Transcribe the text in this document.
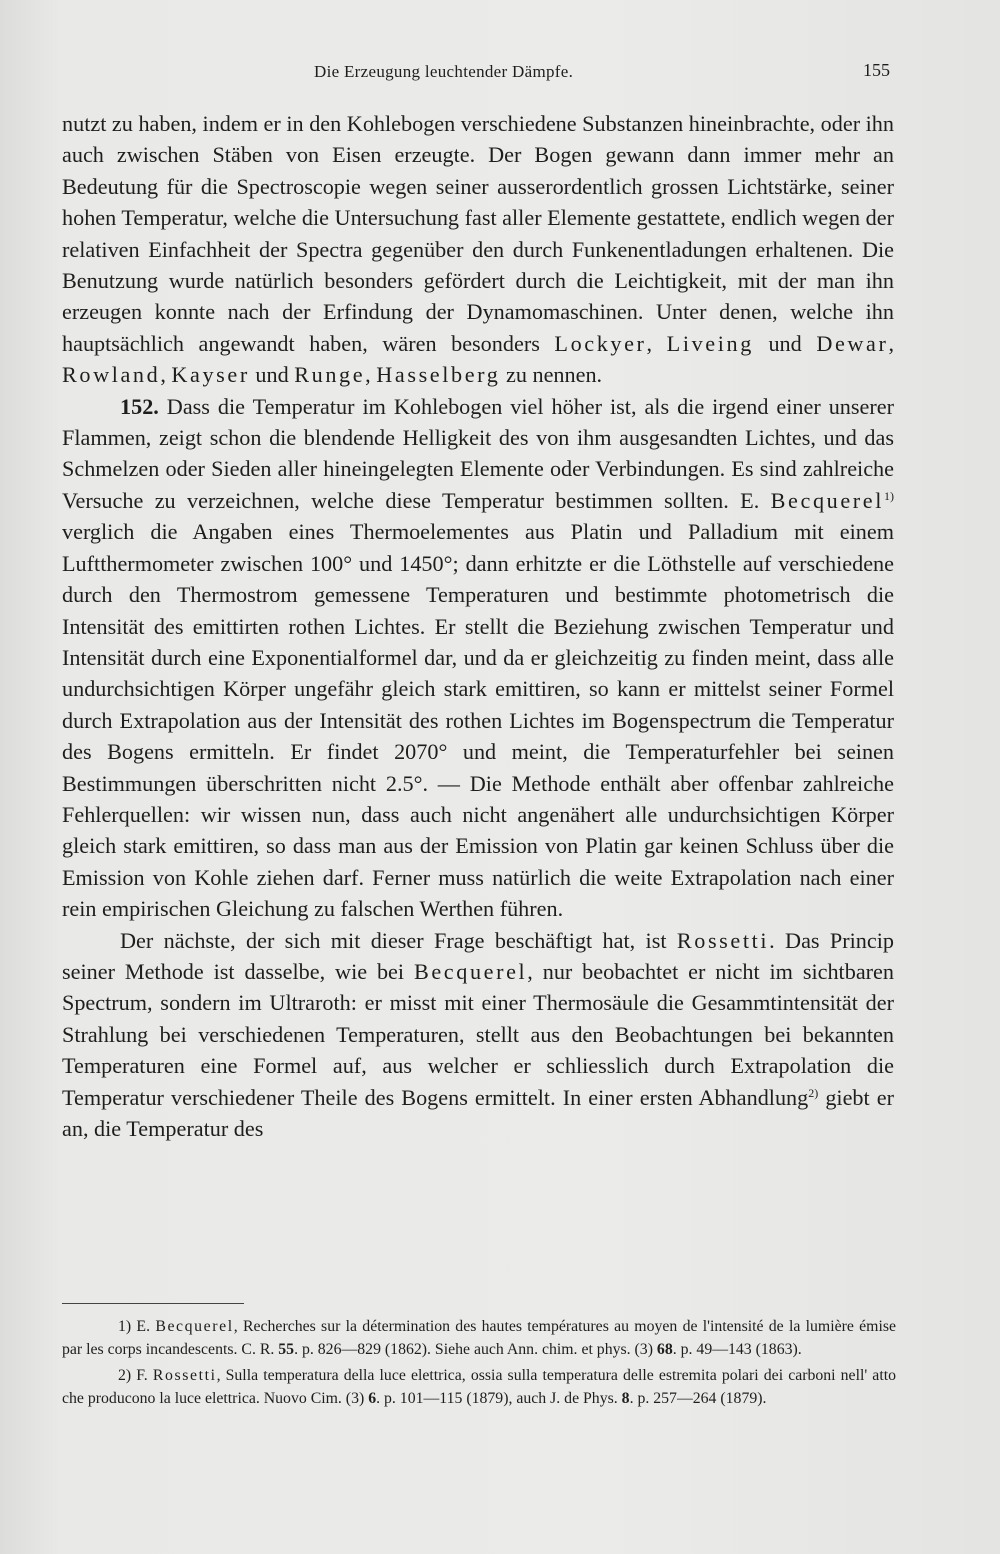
Die Erzeugung leuchtender Dämpfe.	155

nutzt zu haben, indem er in den Kohlebogen verschiedene Substanzen hineinbrachte, oder ihn auch zwischen Stäben von Eisen erzeugte. Der Bogen gewann dann immer mehr an Bedeutung für die Spectroscopie wegen seiner ausserordentlich grossen Lichtstärke, seiner hohen Temperatur, welche die Untersuchung fast aller Elemente gestattete, endlich wegen der relativen Einfachheit der Spectra gegenüber den durch Funkenentladungen erhaltenen. Die Benutzung wurde natürlich besonders gefördert durch die Leichtigkeit, mit der man ihn erzeugen konnte nach der Erfindung der Dynamomaschinen. Unter denen, welche ihn hauptsächlich angewandt haben, wären besonders Lockyer, Liveing und Dewar, Rowland, Kayser und Runge, Hasselberg zu nennen.

152. Dass die Temperatur im Kohlebogen viel höher ist, als die irgend einer unserer Flammen, zeigt schon die blendende Helligkeit des von ihm ausgesandten Lichtes, und das Schmelzen oder Sieden aller hineingelegten Elemente oder Verbindungen. Es sind zahlreiche Versuche zu verzeichnen, welche diese Temperatur bestimmen sollten. E. Becquerel$^{1)}$ verglich die Angaben eines Thermoelementes aus Platin und Palladium mit einem Luftthermometer zwischen 100° und 1450°; dann erhitzte er die Löthstelle auf verschiedene durch den Thermostrom gemessene Temperaturen und bestimmte photometrisch die Intensität des emittirten rothen Lichtes. Er stellt die Beziehung zwischen Temperatur und Intensität durch eine Exponentialformel dar, und da er gleichzeitig zu finden meint, dass alle undurchsichtigen Körper ungefähr gleich stark emittiren, so kann er mittelst seiner Formel durch Extrapolation aus der Intensität des rothen Lichtes im Bogenspectrum die Temperatur des Bogens ermitteln. Er findet 2070° und meint, die Temperaturfehler bei seinen Bestimmungen überschritten nicht 2.5°. — Die Methode enthält aber offenbar zahlreiche Fehlerquellen: wir wissen nun, dass auch nicht angenähert alle undurchsichtigen Körper gleich stark emittiren, so dass man aus der Emission von Platin gar keinen Schluss über die Emission von Kohle ziehen darf. Ferner muss natürlich die weite Extrapolation nach einer rein empirischen Gleichung zu falschen Werthen führen.

Der nächste, der sich mit dieser Frage beschäftigt hat, ist Rossetti. Das Princip seiner Methode ist dasselbe, wie bei Becquerel, nur beobachtet er nicht im sichtbaren Spectrum, sondern im Ultraroth: er misst mit einer Thermosäule die Gesammtintensität der Strahlung bei verschiedenen Temperaturen, stellt aus den Beobachtungen bei bekannten Temperaturen eine Formel auf, aus welcher er schliesslich durch Extrapolation die Temperatur verschiedener Theile des Bogens ermittelt. In einer ersten Abhandlung$^{2)}$ giebt er an, die Temperatur des

1) E. Becquerel, Recherches sur la détermination des hautes températures au moyen de l'intensité de la lumière émise par les corps incandescents. C. R. 55. p. 826—829 (1862). Siehe auch Ann. chim. et phys. (3) 68. p. 49—143 (1863).

2) F. Rossetti, Sulla temperatura della luce elettrica, ossia sulla temperatura delle estremita polari dei carboni nell' atto che producono la luce elettrica. Nuovo Cim. (3) 6. p. 101—115 (1879), auch J. de Phys. 8. p. 257—264 (1879).
